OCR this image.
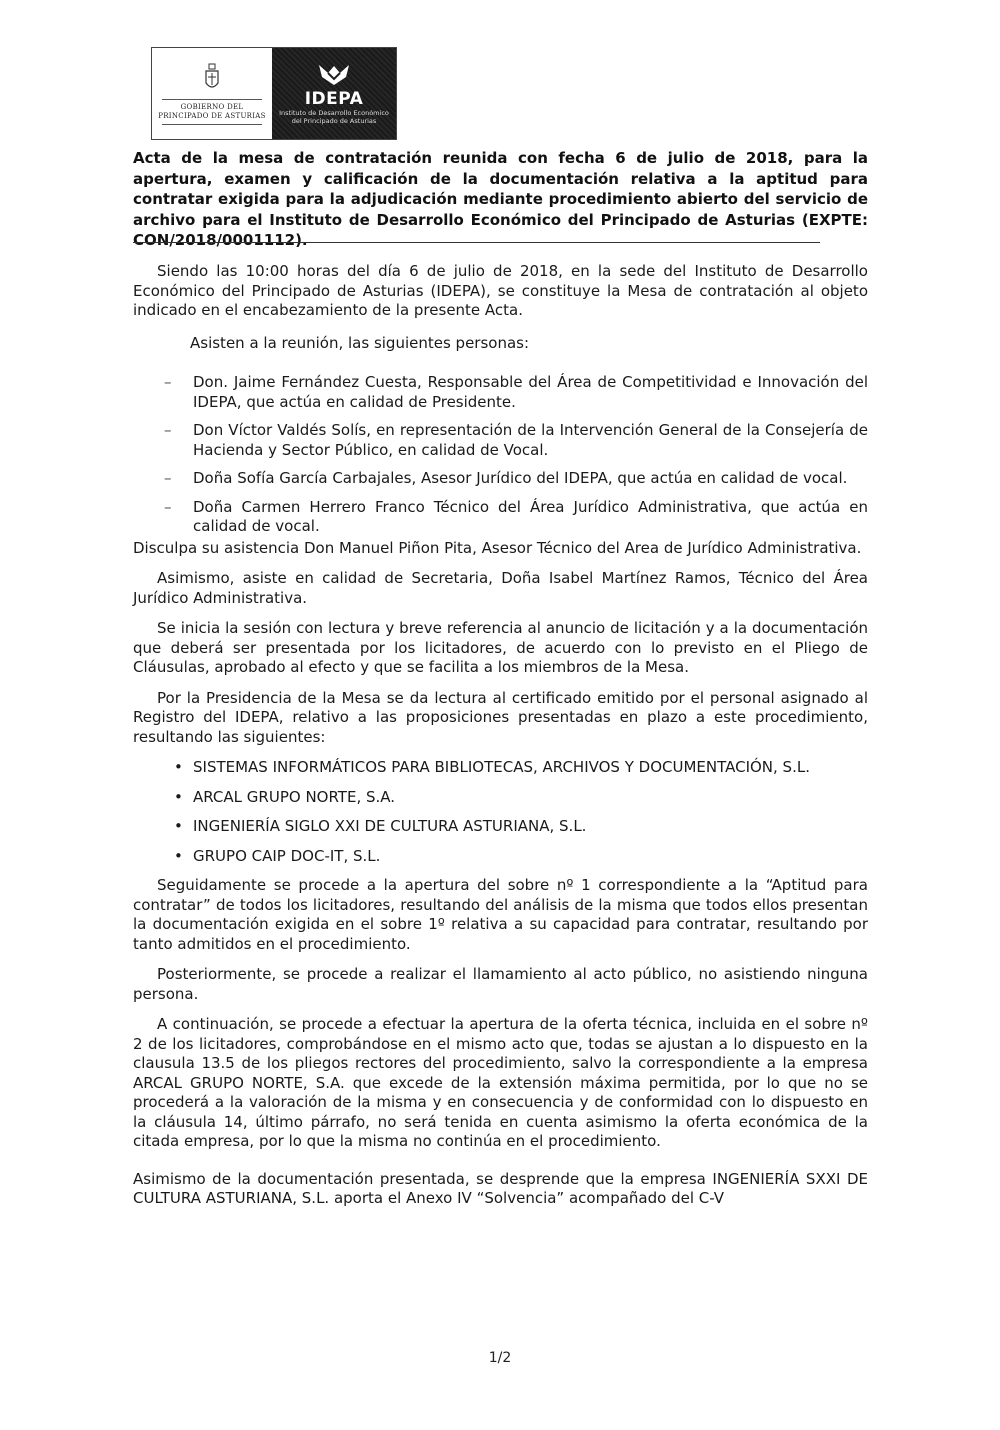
GOBIERNO DEL
PRINCIPADO DE ASTURIAS
IDEPA
Instituto de Desarrollo Económico
del Principado de Asturias
Acta de la mesa de contratación reunida con fecha 6 de julio de 2018, para la apertura, examen y calificación de la documentación relativa a la aptitud para contratar exigida para la adjudicación mediante procedimiento abierto del servicio de archivo para el Instituto de Desarrollo Económico del Principado de Asturias (EXPTE: CON/2018/0001112).

Siendo las 10:00 horas del día 6 de julio de 2018, en la sede del Instituto de Desarrollo Económico del Principado de Asturias (IDEPA), se constituye la Mesa de contratación al objeto indicado en el encabezamiento de la presente Acta.

Asisten a la reunión, las siguientes personas:
– Don. Jaime Fernández Cuesta, Responsable del Área de Competitividad e Innovación del IDEPA, que actúa en calidad de Presidente.
– Don Víctor Valdés Solís, en representación de la Intervención General de la Consejería de Hacienda y Sector Público, en calidad de Vocal.
– Doña Sofía García Carbajales, Asesor Jurídico del IDEPA, que actúa en calidad de vocal.
– Doña Carmen Herrero Franco Técnico del Área Jurídico Administrativa, que actúa en calidad de vocal.

Disculpa su asistencia Don Manuel Piñon Pita, Asesor Técnico del Area de Jurídico Administrativa.

Asimismo, asiste en calidad de Secretaria, Doña Isabel Martínez Ramos, Técnico del Área Jurídico Administrativa.

Se inicia la sesión con lectura y breve referencia al anuncio de licitación y a la documentación que deberá ser presentada por los licitadores, de acuerdo con lo previsto en el Pliego de Cláusulas, aprobado al efecto y que se facilita a los miembros de la Mesa.

Por la Presidencia de la Mesa se da lectura al certificado emitido por el personal asignado al Registro del IDEPA, relativo a las proposiciones presentadas en plazo a este procedimiento, resultando las siguientes:

• SISTEMAS INFORMÁTICOS PARA BIBLIOTECAS, ARCHIVOS Y DOCUMENTACIÓN, S.L.
• ARCAL GRUPO NORTE, S.A.
• INGENIERÍA SIGLO XXI DE CULTURA ASTURIANA, S.L.
• GRUPO CAIP DOC-IT, S.L.

Seguidamente se procede a la apertura del sobre nº 1 correspondiente a la “Aptitud para contratar” de todos los licitadores, resultando del análisis de la misma que todos ellos presentan la documentación exigida en el sobre 1º relativa a su capacidad para contratar, resultando por tanto admitidos en el procedimiento.

Posteriormente, se procede a realizar el llamamiento al acto público, no asistiendo ninguna persona.

A continuación, se procede a efectuar la apertura de la oferta técnica, incluida en el sobre nº 2 de los licitadores, comprobándose en el mismo acto que, todas se ajustan a lo dispuesto en la clausula 13.5 de los pliegos rectores del procedimiento, salvo la correspondiente a la empresa ARCAL GRUPO NORTE, S.A. que excede de la extensión máxima permitida, por lo que no se procederá a la valoración de la misma y en consecuencia y de conformidad con lo dispuesto en la cláusula 14, último párrafo, no será tenida en cuenta asimismo la oferta económica de la citada empresa, por lo que la misma no continúa en el procedimiento.

Asimismo de la documentación presentada, se desprende que la empresa INGENIERÍA SXXI DE CULTURA ASTURIANA, S.L. aporta el Anexo IV “Solvencia” acompañado del C-V

1/2
